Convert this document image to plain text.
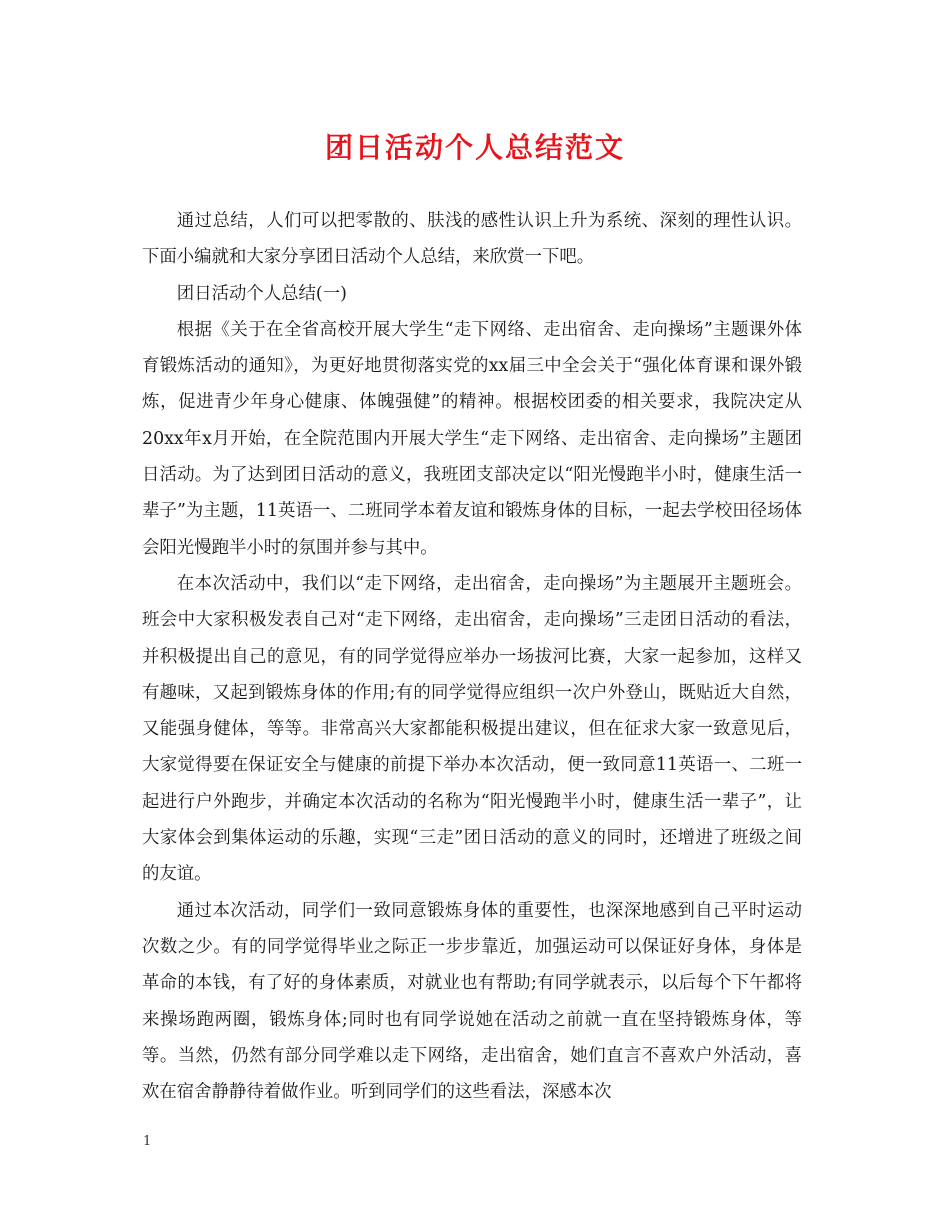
团日活动个人总结范文

通过总结，人们可以把零散的、肤浅的感性认识上升为系统、深刻的理性认识。下面小编就和大家分享团日活动个人总结，来欣赏一下吧。

团日活动个人总结(一)

根据《关于在全省高校开展大学生“走下网络、走出宿舍、走向操场”主题课外体育锻炼活动的通知》，为更好地贯彻落实党的xx届三中全会关于“强化体育课和课外锻炼，促进青少年身心健康、体魄强健”的精神。根据校团委的相关要求，我院决定从20xx年x月开始，在全院范围内开展大学生“走下网络、走出宿舍、走向操场”主题团日活动。为了达到团日活动的意义，我班团支部决定以“阳光慢跑半小时，健康生活一辈子”为主题，11英语一、二班同学本着友谊和锻炼身体的目标，一起去学校田径场体会阳光慢跑半小时的氛围并参与其中。

在本次活动中，我们以“走下网络，走出宿舍，走向操场”为主题展开主题班会。班会中大家积极发表自己对“走下网络，走出宿舍，走向操场”三走团日活动的看法，并积极提出自己的意见，有的同学觉得应举办一场拔河比赛，大家一起参加，这样又有趣味，又起到锻炼身体的作用;有的同学觉得应组织一次户外登山，既贴近大自然，又能强身健体，等等。非常高兴大家都能积极提出建议，但在征求大家一致意见后，大家觉得要在保证安全与健康的前提下举办本次活动，便一致同意11英语一、二班一起进行户外跑步，并确定本次活动的名称为“阳光慢跑半小时，健康生活一辈子”，让大家体会到集体运动的乐趣，实现“三走”团日活动的意义的同时，还增进了班级之间的友谊。

通过本次活动，同学们一致同意锻炼身体的重要性，也深深地感到自己平时运动次数之少。有的同学觉得毕业之际正一步步靠近，加强运动可以保证好身体，身体是革命的本钱，有了好的身体素质，对就业也有帮助;有同学就表示，以后每个下午都将来操场跑两圈，锻炼身体;同时也有同学说她在活动之前就一直在坚持锻炼身体，等等。当然，仍然有部分同学难以走下网络，走出宿舍，她们直言不喜欢户外活动，喜欢在宿舍静静待着做作业。听到同学们的这些看法，深感本次

1
